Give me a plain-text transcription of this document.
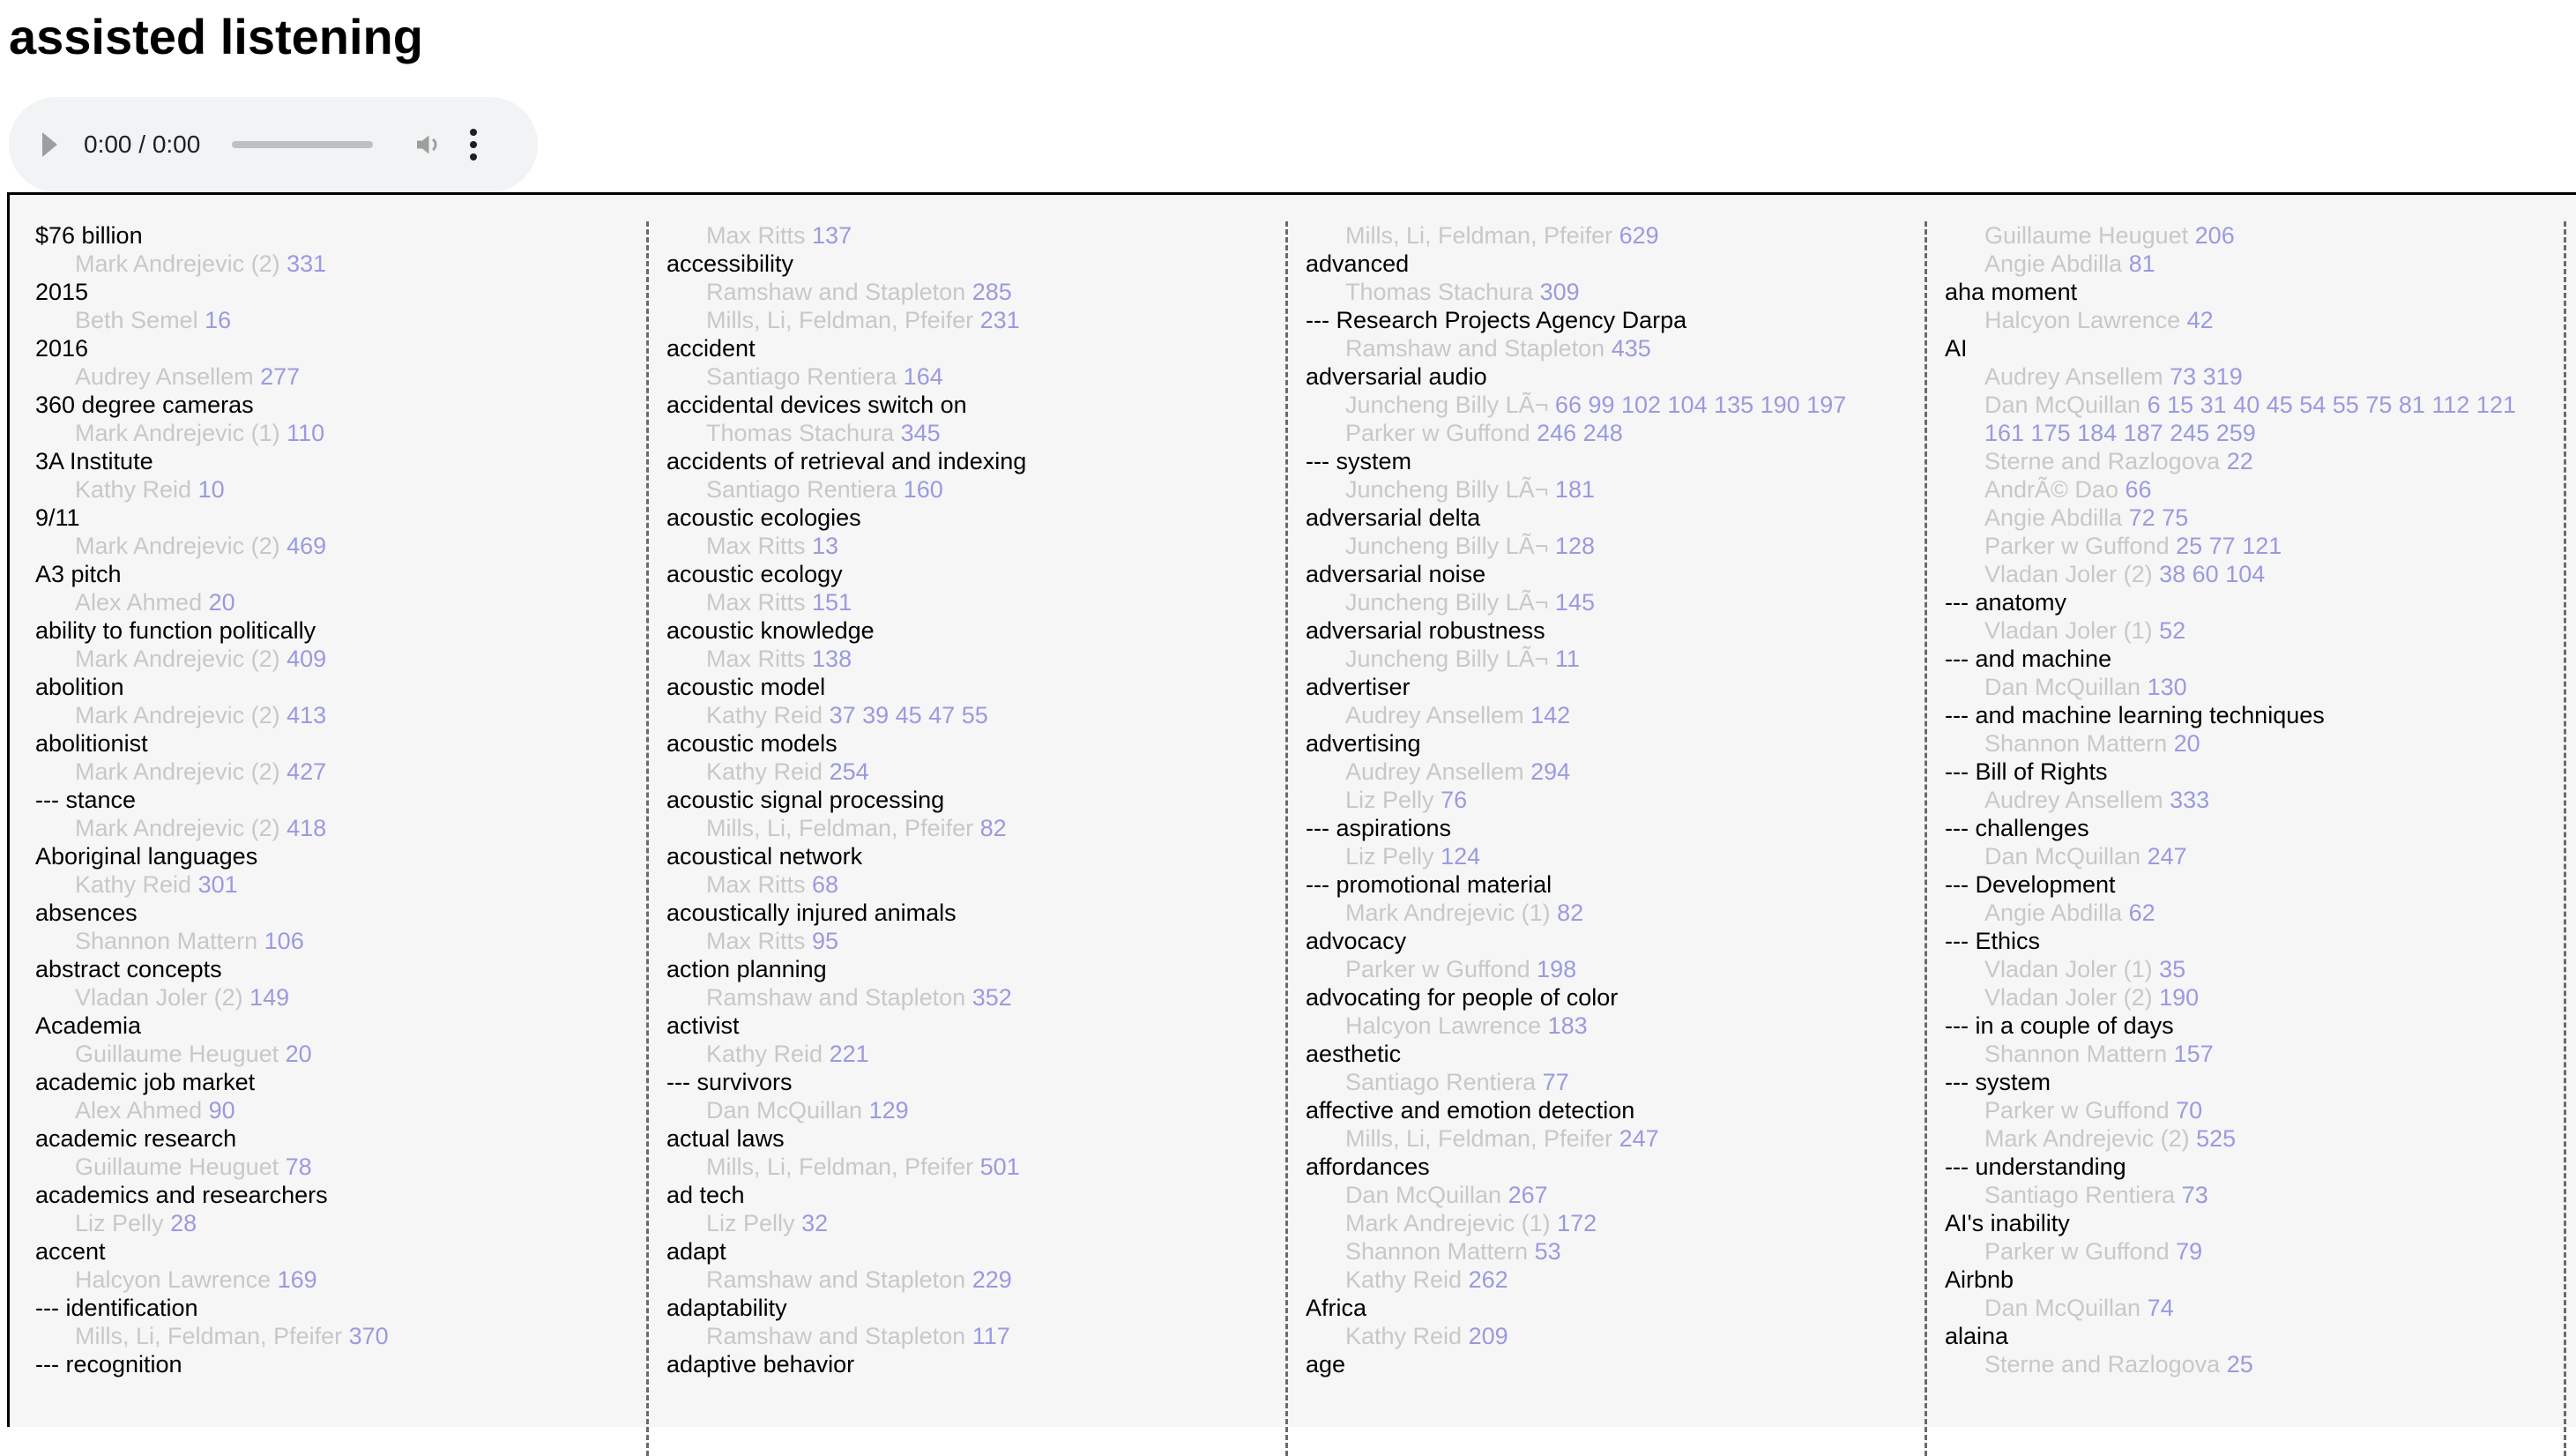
assisted listening
0:00 / 0:00
$76 billion
Mark Andrejevic (2) 331
2015
Beth Semel 16
2016
Audrey Ansellem 277
360 degree cameras
Mark Andrejevic (1) 110
3A Institute
Kathy Reid 10
9/11
Mark Andrejevic (2) 469
A3 pitch
Alex Ahmed 20
ability to function politically
Mark Andrejevic (2) 409
abolition
Mark Andrejevic (2) 413
abolitionist
Mark Andrejevic (2) 427
--- stance
Mark Andrejevic (2) 418
Aboriginal languages
Kathy Reid 301
absences
Shannon Mattern 106
abstract concepts
Vladan Joler (2) 149
Academia
Guillaume Heuguet 20
academic job market
Alex Ahmed 90
academic research
Guillaume Heuguet 78
academics and researchers
Liz Pelly 28
accent
Halcyon Lawrence 169
--- identification
Mills, Li, Feldman, Pfeifer 370
--- recognition
Max Ritts 137
accessibility
Ramshaw and Stapleton 285
Mills, Li, Feldman, Pfeifer 231
accident
Santiago Rentiera 164
accidental devices switch on
Thomas Stachura 345
accidents of retrieval and indexing
Santiago Rentiera 160
acoustic ecologies
Max Ritts 13
acoustic ecology
Max Ritts 151
acoustic knowledge
Max Ritts 138
acoustic model
Kathy Reid 37 39 45 47 55
acoustic models
Kathy Reid 254
acoustic signal processing
Mills, Li, Feldman, Pfeifer 82
acoustical network
Max Ritts 68
acoustically injured animals
Max Ritts 95
action planning
Ramshaw and Stapleton 352
activist
Kathy Reid 221
--- survivors
Dan McQuillan 129
actual laws
Mills, Li, Feldman, Pfeifer 501
ad tech
Liz Pelly 32
adapt
Ramshaw and Stapleton 229
adaptability
Ramshaw and Stapleton 117
adaptive behavior
Mills, Li, Feldman, Pfeifer 629
advanced
Thomas Stachura 309
--- Research Projects Agency Darpa
Ramshaw and Stapleton 435
adversarial audio
Juncheng Billy LÃ¬ 66 99 102 104 135 190 197
Parker w Guffond 246 248
--- system
Juncheng Billy LÃ¬ 181
adversarial delta
Juncheng Billy LÃ¬ 128
adversarial noise
Juncheng Billy LÃ¬ 145
adversarial robustness
Juncheng Billy LÃ¬ 11
advertiser
Audrey Ansellem 142
advertising
Audrey Ansellem 294
Liz Pelly 76
--- aspirations
Liz Pelly 124
--- promotional material
Mark Andrejevic (1) 82
advocacy
Parker w Guffond 198
advocating for people of color
Halcyon Lawrence 183
aesthetic
Santiago Rentiera 77
affective and emotion detection
Mills, Li, Feldman, Pfeifer 247
affordances
Dan McQuillan 267
Mark Andrejevic (1) 172
Shannon Mattern 53
Kathy Reid 262
Africa
Kathy Reid 209
age
Guillaume Heuguet 206
Angie Abdilla 81
aha moment
Halcyon Lawrence 42
AI
Audrey Ansellem 73 319
Dan McQuillan 6 15 31 40 45 54 55 75 81 112 121 161 175 184 187 245 259
Sterne and Razlogova 22
AndrÃ© Dao 66
Angie Abdilla 72 75
Parker w Guffond 25 77 121
Vladan Joler (2) 38 60 104
--- anatomy
Vladan Joler (1) 52
--- and machine
Dan McQuillan 130
--- and machine learning techniques
Shannon Mattern 20
--- Bill of Rights
Audrey Ansellem 333
--- challenges
Dan McQuillan 247
--- Development
Angie Abdilla 62
--- Ethics
Vladan Joler (1) 35
Vladan Joler (2) 190
--- in a couple of days
Shannon Mattern 157
--- system
Parker w Guffond 70
Mark Andrejevic (2) 525
--- understanding
Santiago Rentiera 73
AI's inability
Parker w Guffond 79
Airbnb
Dan McQuillan 74
alaina
Sterne and Razlogova 25
